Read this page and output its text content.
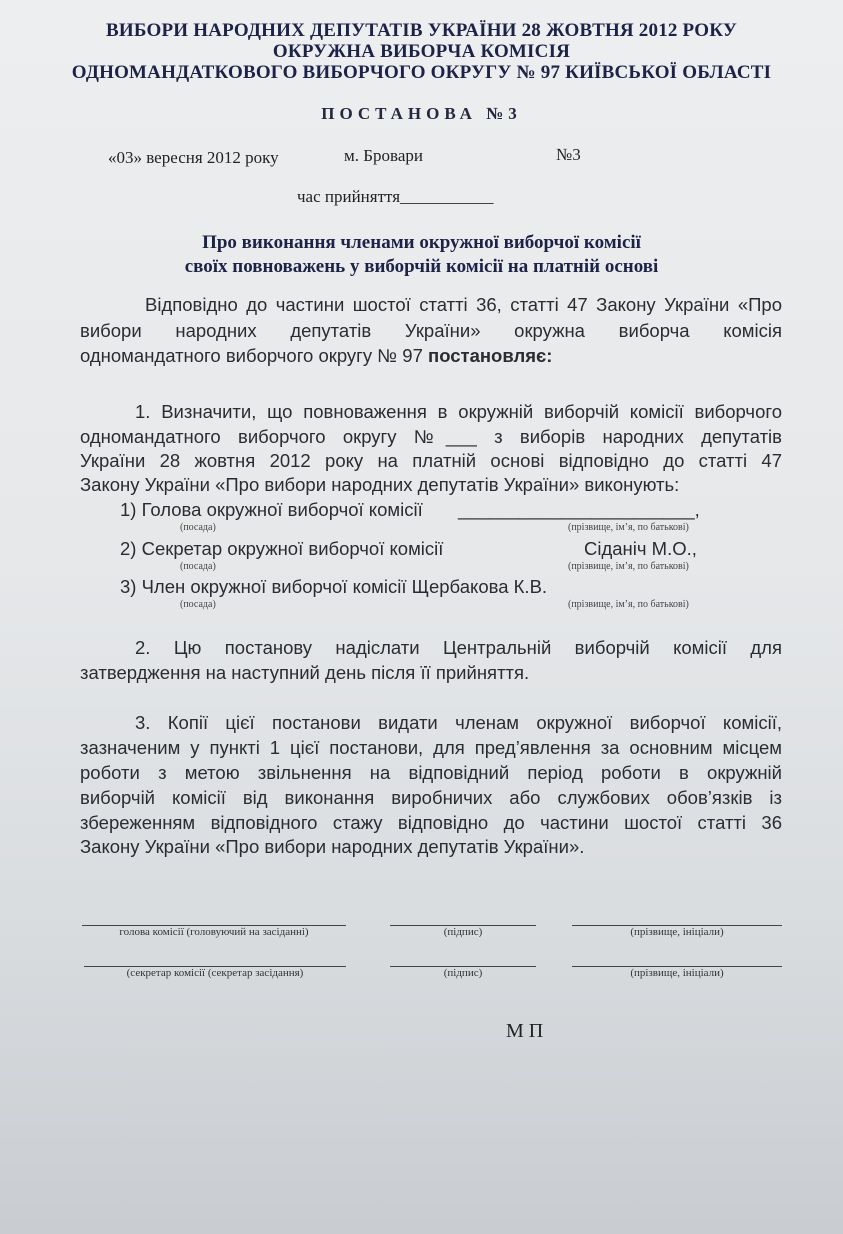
ВИБОРИ НАРОДНИХ ДЕПУТАТІВ УКРАЇНИ 28 ЖОВТНЯ 2012 РОКУ
ОКРУЖНА ВИБОРЧА КОМІСІЯ
ОДНОМАНДАТКОВОГО ВИБОРЧОГО ОКРУГУ № 97 КИЇВСЬКОЇ ОБЛАСТІ
ПОСТАНОВА №3
«03» вересня 2012 року	м. Бровари	№3
час прийняття___________
Про виконання членами окружної виборчої комісії
своїх повноважень у виборчій комісії на платній основі
Відповідно до частини шостої статті 36, статті 47 Закону України «Про
вибори народних депутатів України» окружна виборча комісія
одномандатного виборчого округу № 97 постановляє:
1. Визначити, що повноваження в окружній виборчій комісії виборчого
одномандатного виборчого округу №___ з виборів народних депутатів
України 28 жовтня 2012 року на платній основі відповідно до статті 47
Закону України «Про вибори народних депутатів України» виконують:
1) Голова окружної виборчої комісії _______________________,
(посада)	(прізвище, ім’я, по батькові)
2) Секретар окружної виборчої комісії	Сіданіч М.О.,
(посада)	(прізвище, ім’я, по батькові)
3) Член окружної виборчої комісії Щербакова К.В.
(посада)	(прізвище, ім’я, по батькові)
2. Цю постанову надіслати Центральній виборчій комісії для
затвердження на наступний день після її прийняття.
3. Копії цієї постанови видати членам окружної виборчої комісії,
зазначеним у пункті 1 цієї постанови, для пред’явлення за основним місцем
роботи з метою звільнення на відповідний період роботи в окружній
виборчій комісії від виконання виробничих або службових обов’язків із
збереженням відповідного стажу відповідно до частини шостої статті 36
Закону України «Про вибори народних депутатів України».
голова комісії (головуючий на засіданні)	(підпис)	(прізвище, ініціали)
(секретар комісії (секретар засідання)	(підпис)	(прізвище, ініціали)
М П
